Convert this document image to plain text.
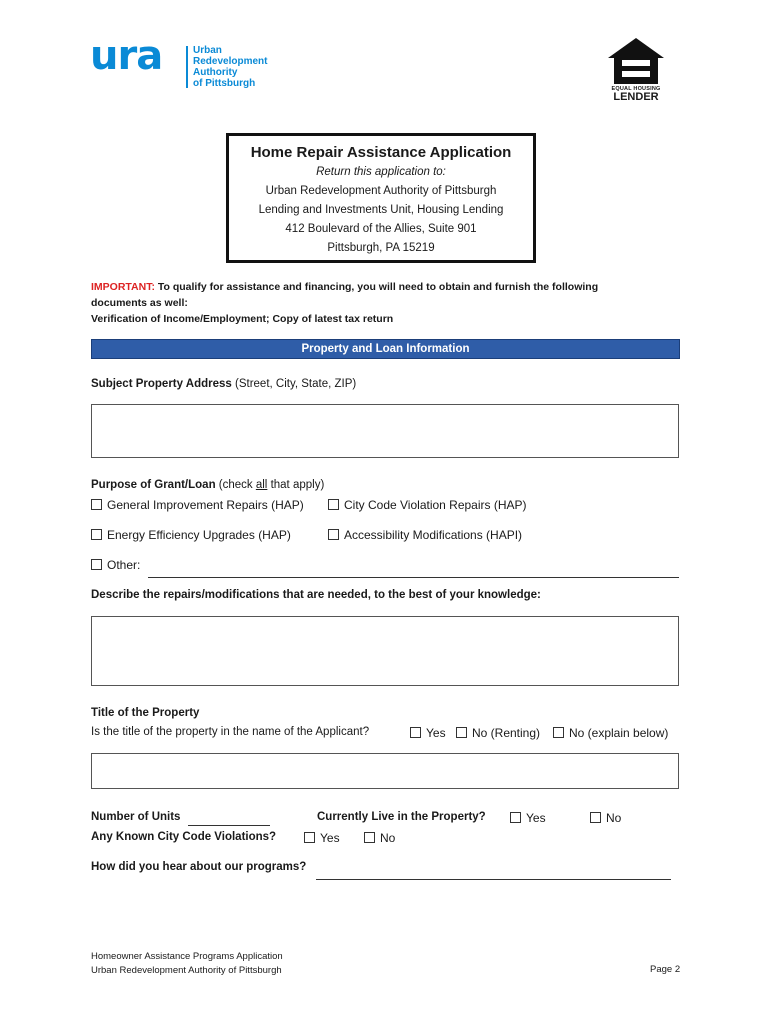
ura	Urban
Redevelopment
Authority
of Pittsburgh	EQUAL HOUSING
LENDER
Home Repair Assistance Application
Return this application to:
Urban Redevelopment Authority of Pittsburgh
Lending and Investments Unit, Housing Lending
412 Boulevard of the Allies, Suite 901
Pittsburgh, PA 15219
IMPORTANT: To qualify for assistance and financing, you will need to obtain and furnish the following
documents as well:
Verification of Income/Employment; Copy of latest tax return
Property and Loan Information
Subject Property Address (Street, City, State, ZIP)
Purpose of Grant/Loan (check all that apply)
General Improvement Repairs (HAP)	City Code Violation Repairs (HAP)
Energy Efficiency Upgrades (HAP)	Accessibility Modifications (HAPI)
Other:
Describe the repairs/modifications that are needed, to the best of your knowledge:
Title of the Property
Is the title of the property in the name of the Applicant?	Yes	No (Renting)	No (explain below)
Number of Units	Currently Live in the Property?	Yes	No
Any Known City Code Violations?	Yes	No
How did you hear about our programs?
Homeowner Assistance Programs Application
Urban Redevelopment Authority of Pittsburgh	Page 2
